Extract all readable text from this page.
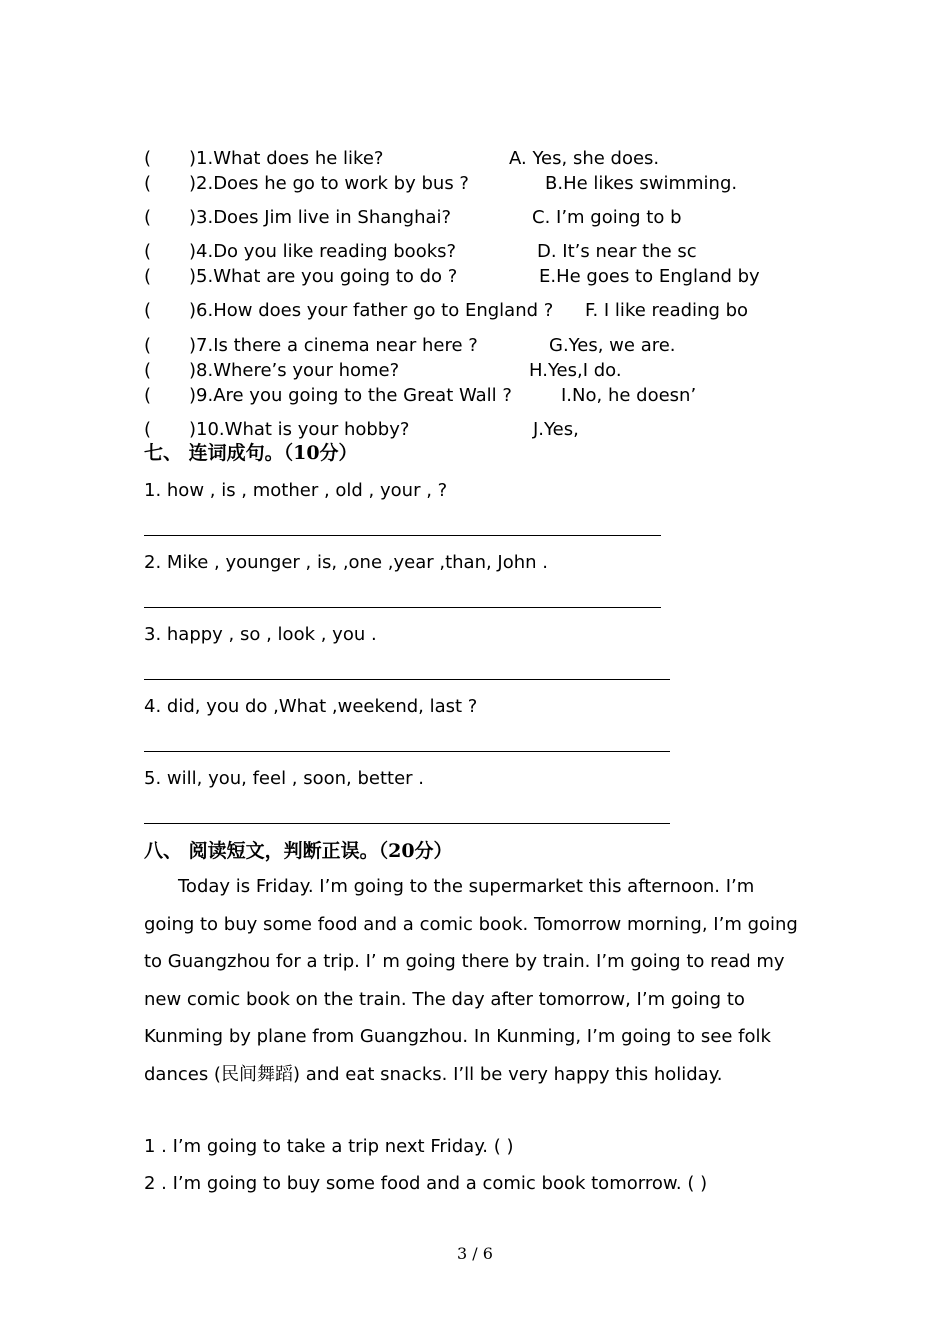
( )1.What does he like?	A. Yes, she does.
( )2.Does he go to work by bus ?	B.He likes swimming.
( )3.Does Jim live in Shanghai?	C. I’m going to b
( )4.Do you like reading books?	D. It’s near the sc
( )5.What are you going to do ?	E.He goes to England by
( )6.How does your father go to England ? F. I like reading bo
( )7.Is there a cinema near here ?	G.Yes, we are.
( )8.Where’s your home?	H.Yes,I do.
( )9.Are you going to the Great Wall ?	I.No, he doesn’
( )10.What is your hobby?	J.Yes,
七、 连词成句。（10分）
1. how , is , mother , old , your , ?
2. Mike , younger , is, ,one ,year ,than, John .
3. happy , so , look , you .
4. did, you do ,What ,weekend, last ?
5. will, you, feel , soon, better .
八、 阅读短文，判断正误。（20分）
Today is Friday. I’m going to the supermarket this afternoon. I’m going to buy some food and a comic book. Tomorrow morning, I’m going to Guangzhou for a trip. I’ m going there by train. I’m going to read my new comic book on the train. The day after tomorrow, I’m going to Kunming by plane from Guangzhou. In Kunming, I’m going to see folk dances (民间舞蹈) and eat snacks. I’ll be very happy this holiday.
1 . I’m going to take a trip next Friday. ( )
2 . I’m going to buy some food and a comic book tomorrow. ( )
3 / 6
